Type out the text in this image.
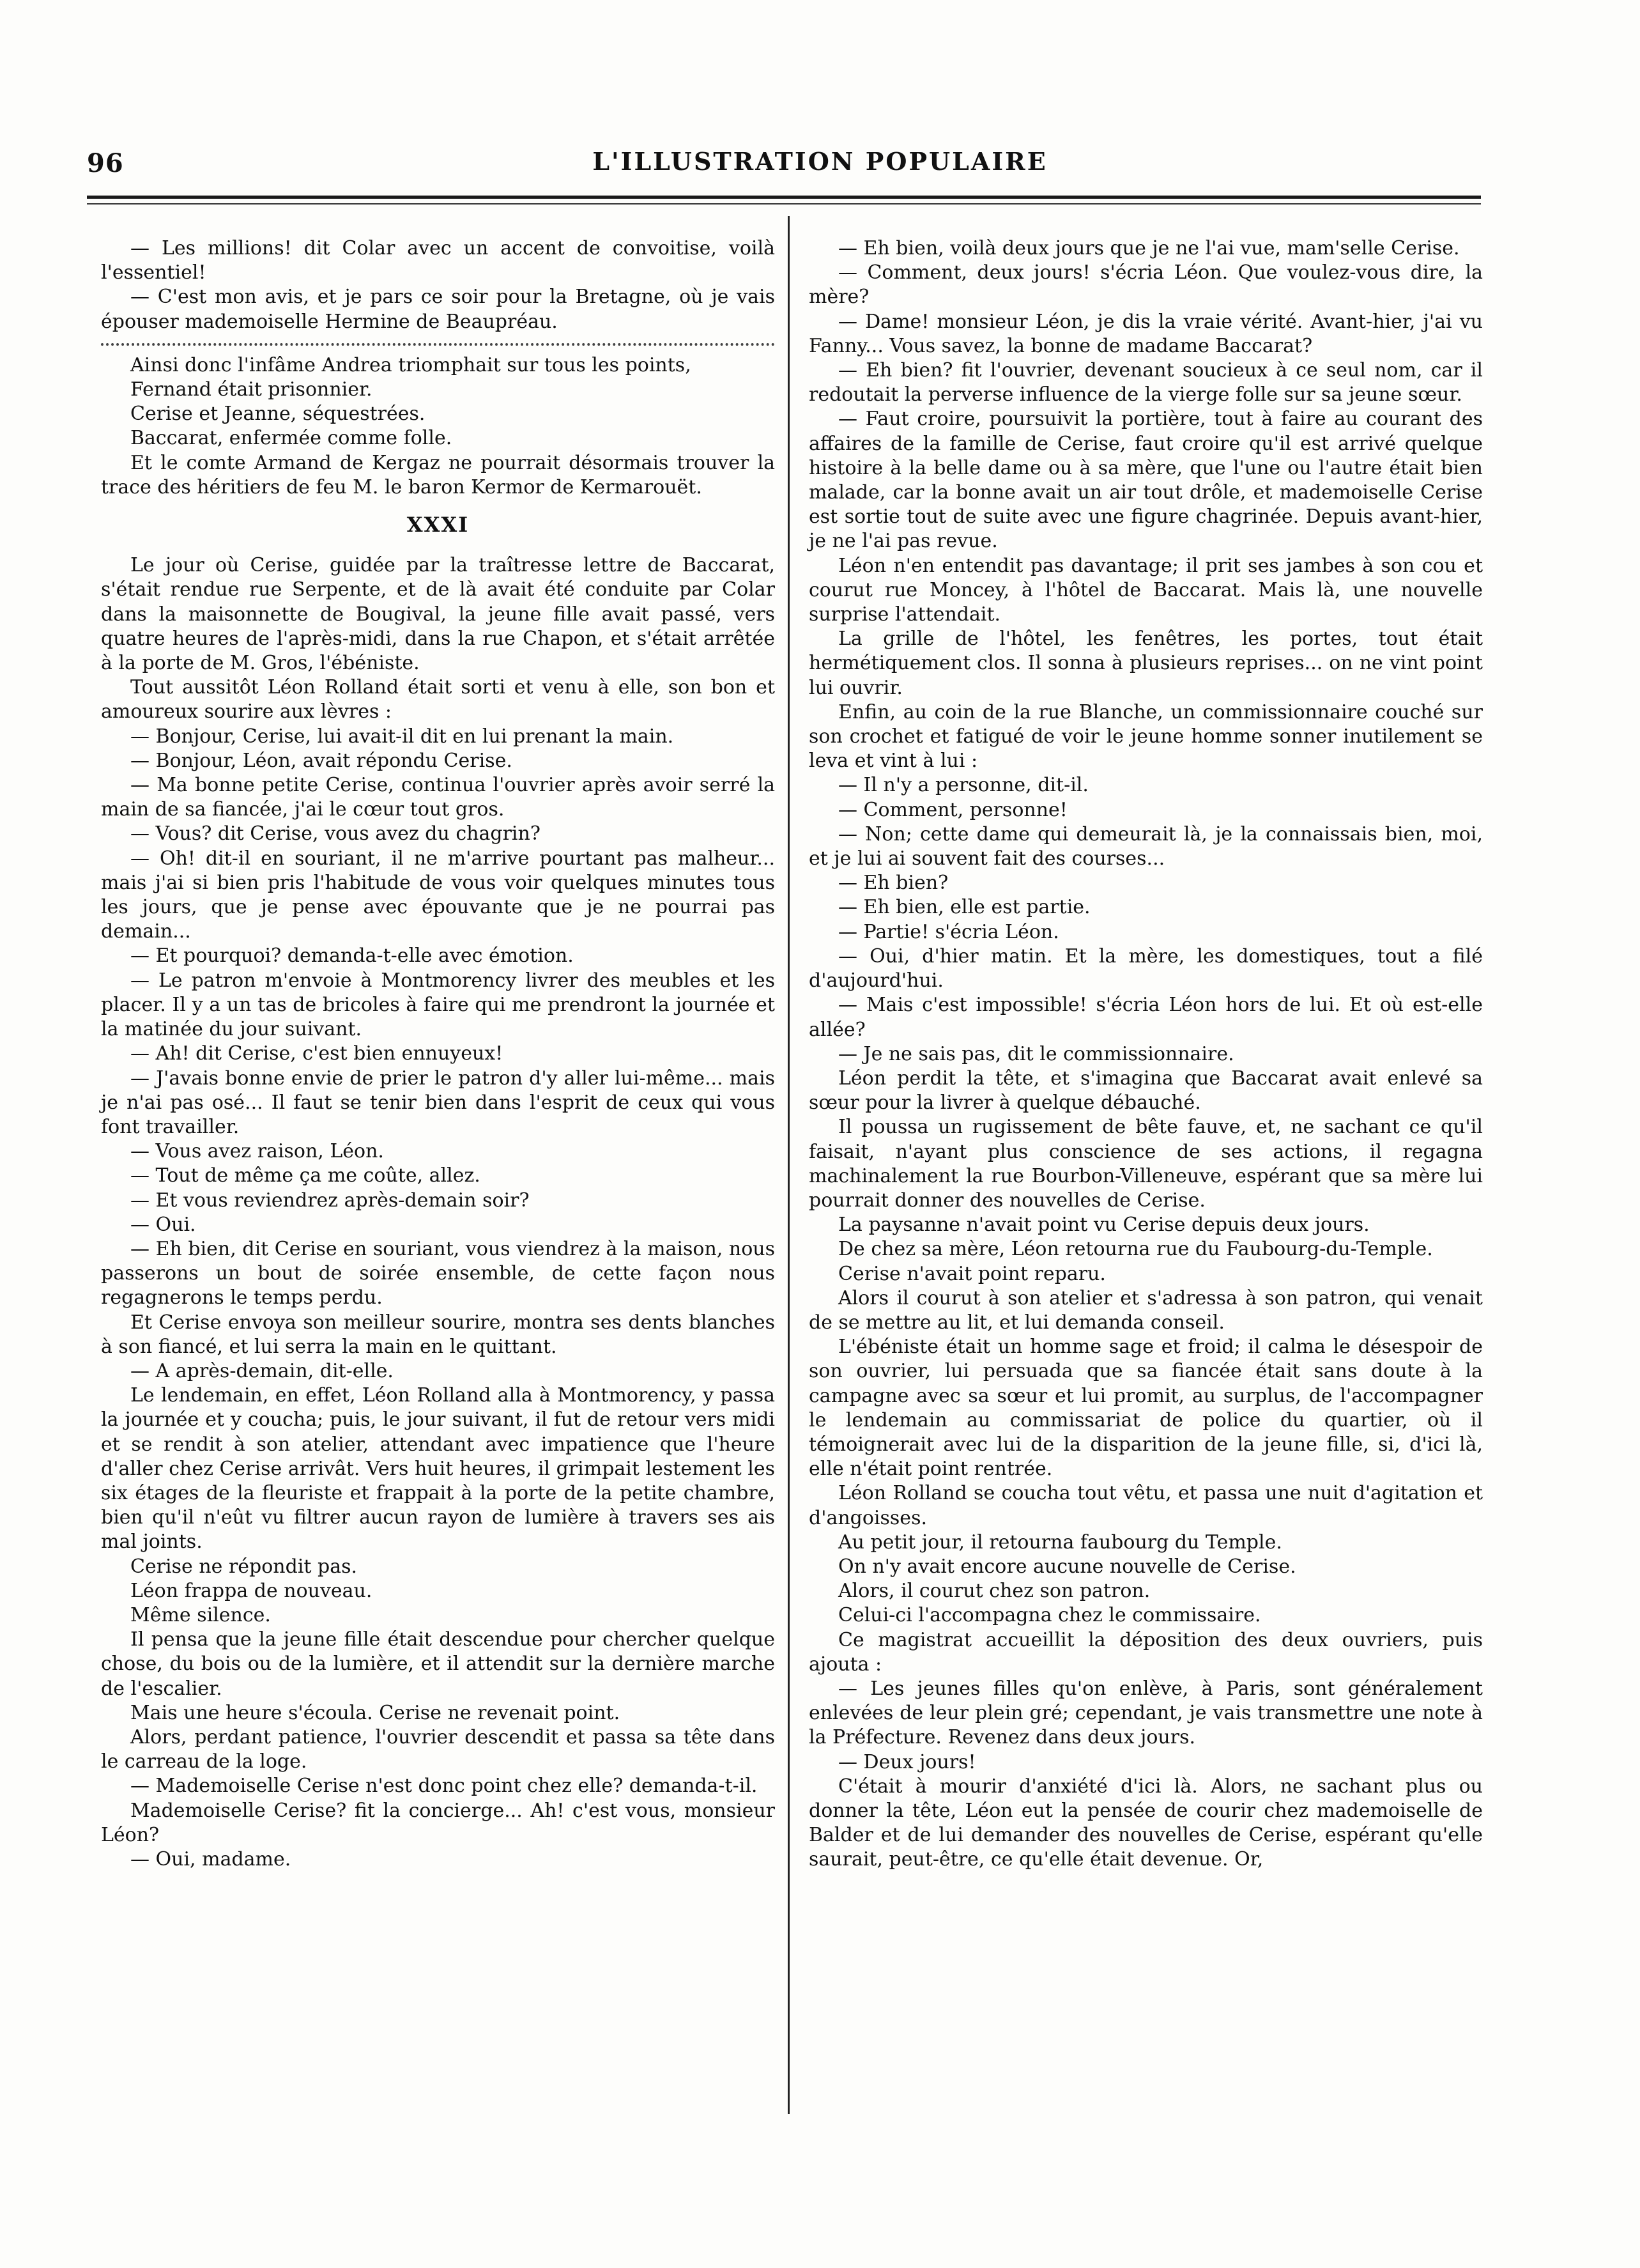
96	L'ILLUSTRATION POPULAIRE

— Les millions! dit Colar avec un accent de convoitise, voilà l'essentiel!

— C'est mon avis, et je pars ce soir pour la Bretagne, où je vais épouser mademoiselle Hermine de Beaupréau.

Ainsi donc l'infâme Andrea triomphait sur tous les points,

Fernand était prisonnier.

Cerise et Jeanne, séquestrées.

Baccarat, enfermée comme folle.

Et le comte Armand de Kergaz ne pourrait désormais trouver la trace des héritiers de feu M. le baron Kermor de Kermarouët.

XXXI

Le jour où Cerise, guidée par la traîtresse lettre de Baccarat, s'était rendue rue Serpente, et de là avait été conduite par Colar dans la maisonnette de Bougival, la jeune fille avait passé, vers quatre heures de l'après-midi, dans la rue Chapon, et s'était arrêtée à la porte de M. Gros, l'ébéniste.

Tout aussitôt Léon Rolland était sorti et venu à elle, son bon et amoureux sourire aux lèvres :

— Bonjour, Cerise, lui avait-il dit en lui prenant la main.

— Bonjour, Léon, avait répondu Cerise.

— Ma bonne petite Cerise, continua l'ouvrier après avoir serré la main de sa fiancée, j'ai le cœur tout gros.

— Vous? dit Cerise, vous avez du chagrin?

— Oh! dit-il en souriant, il ne m'arrive pourtant pas malheur... mais j'ai si bien pris l'habitude de vous voir quelques minutes tous les jours, que je pense avec épouvante que je ne pourrai pas demain...

— Et pourquoi? demanda-t-elle avec émotion.

— Le patron m'envoie à Montmorency livrer des meubles et les placer. Il y a un tas de bricoles à faire qui me prendront la journée et la matinée du jour suivant.

— Ah! dit Cerise, c'est bien ennuyeux!

— J'avais bonne envie de prier le patron d'y aller lui-même... mais je n'ai pas osé... Il faut se tenir bien dans l'esprit de ceux qui vous font travailler.

— Vous avez raison, Léon.

— Tout de même ça me coûte, allez.

— Et vous reviendrez après-demain soir?

— Oui.

— Eh bien, dit Cerise en souriant, vous viendrez à la maison, nous passerons un bout de soirée ensemble, de cette façon nous regagnerons le temps perdu.

Et Cerise envoya son meilleur sourire, montra ses dents blanches à son fiancé, et lui serra la main en le quittant.

— A après-demain, dit-elle.

Le lendemain, en effet, Léon Rolland alla à Montmorency, y passa la journée et y coucha; puis, le jour suivant, il fut de retour vers midi et se rendit à son atelier, attendant avec impatience que l'heure d'aller chez Cerise arrivât. Vers huit heures, il grimpait lestement les six étages de la fleuriste et frappait à la porte de la petite chambre, bien qu'il n'eût vu filtrer aucun rayon de lumière à travers ses ais mal joints.

Cerise ne répondit pas.

Léon frappa de nouveau.

Même silence.

Il pensa que la jeune fille était descendue pour chercher quelque chose, du bois ou de la lumière, et il attendit sur la dernière marche de l'escalier.

Mais une heure s'écoula. Cerise ne revenait point.

Alors, perdant patience, l'ouvrier descendit et passa sa tête dans le carreau de la loge.

— Mademoiselle Cerise n'est donc point chez elle? demanda-t-il.

Mademoiselle Cerise? fit la concierge... Ah! c'est vous, monsieur Léon?

— Oui, madame.

— Eh bien, voilà deux jours que je ne l'ai vue, mam'selle Cerise.

— Comment, deux jours! s'écria Léon. Que voulez-vous dire, la mère?

— Dame! monsieur Léon, je dis la vraie vérité. Avant-hier, j'ai vu Fanny... Vous savez, la bonne de madame Baccarat?

— Eh bien? fit l'ouvrier, devenant soucieux à ce seul nom, car il redoutait la perverse influence de la vierge folle sur sa jeune sœur.

— Faut croire, poursuivit la portière, tout à faire au courant des affaires de la famille de Cerise, faut croire qu'il est arrivé quelque histoire à la belle dame ou à sa mère, que l'une ou l'autre était bien malade, car la bonne avait un air tout drôle, et mademoiselle Cerise est sortie tout de suite avec une figure chagrinée. Depuis avant-hier, je ne l'ai pas revue.

Léon n'en entendit pas davantage; il prit ses jambes à son cou et courut rue Moncey, à l'hôtel de Baccarat. Mais là, une nouvelle surprise l'attendait.

La grille de l'hôtel, les fenêtres, les portes, tout était hermétiquement clos. Il sonna à plusieurs reprises... on ne vint point lui ouvrir.

Enfin, au coin de la rue Blanche, un commissionnaire couché sur son crochet et fatigué de voir le jeune homme sonner inutilement se leva et vint à lui :

— Il n'y a personne, dit-il.

— Comment, personne!

— Non; cette dame qui demeurait là, je la connaissais bien, moi, et je lui ai souvent fait des courses...

— Eh bien?

— Eh bien, elle est partie.

— Partie! s'écria Léon.

— Oui, d'hier matin. Et la mère, les domestiques, tout a filé d'aujourd'hui.

— Mais c'est impossible! s'écria Léon hors de lui. Et où est-elle allée?

— Je ne sais pas, dit le commissionnaire.

Léon perdit la tête, et s'imagina que Baccarat avait enlevé sa sœur pour la livrer à quelque débauché.

Il poussa un rugissement de bête fauve, et, ne sachant ce qu'il faisait, n'ayant plus conscience de ses actions, il regagna machinalement la rue Bourbon-Villeneuve, espérant que sa mère lui pourrait donner des nouvelles de Cerise.

La paysanne n'avait point vu Cerise depuis deux jours.

De chez sa mère, Léon retourna rue du Faubourg-du-Temple.

Cerise n'avait point reparu.

Alors il courut à son atelier et s'adressa à son patron, qui venait de se mettre au lit, et lui demanda conseil.

L'ébéniste était un homme sage et froid; il calma le désespoir de son ouvrier, lui persuada que sa fiancée était sans doute à la campagne avec sa sœur et lui promit, au surplus, de l'accompagner le lendemain au commissariat de police du quartier, où il témoignerait avec lui de la disparition de la jeune fille, si, d'ici là, elle n'était point rentrée.

Léon Rolland se coucha tout vêtu, et passa une nuit d'agitation et d'angoisses.

Au petit jour, il retourna faubourg du Temple.

On n'y avait encore aucune nouvelle de Cerise.

Alors, il courut chez son patron.

Celui-ci l'accompagna chez le commissaire.

Ce magistrat accueillit la déposition des deux ouvriers, puis ajouta :

— Les jeunes filles qu'on enlève, à Paris, sont généralement enlevées de leur plein gré; cependant, je vais transmettre une note à la Préfecture. Revenez dans deux jours.

— Deux jours!

C'était à mourir d'anxiété d'ici là. Alors, ne sachant plus ou donner la tête, Léon eut la pensée de courir chez mademoiselle de Balder et de lui demander des nouvelles de Cerise, espérant qu'elle saurait, peut-être, ce qu'elle était devenue. Or,
